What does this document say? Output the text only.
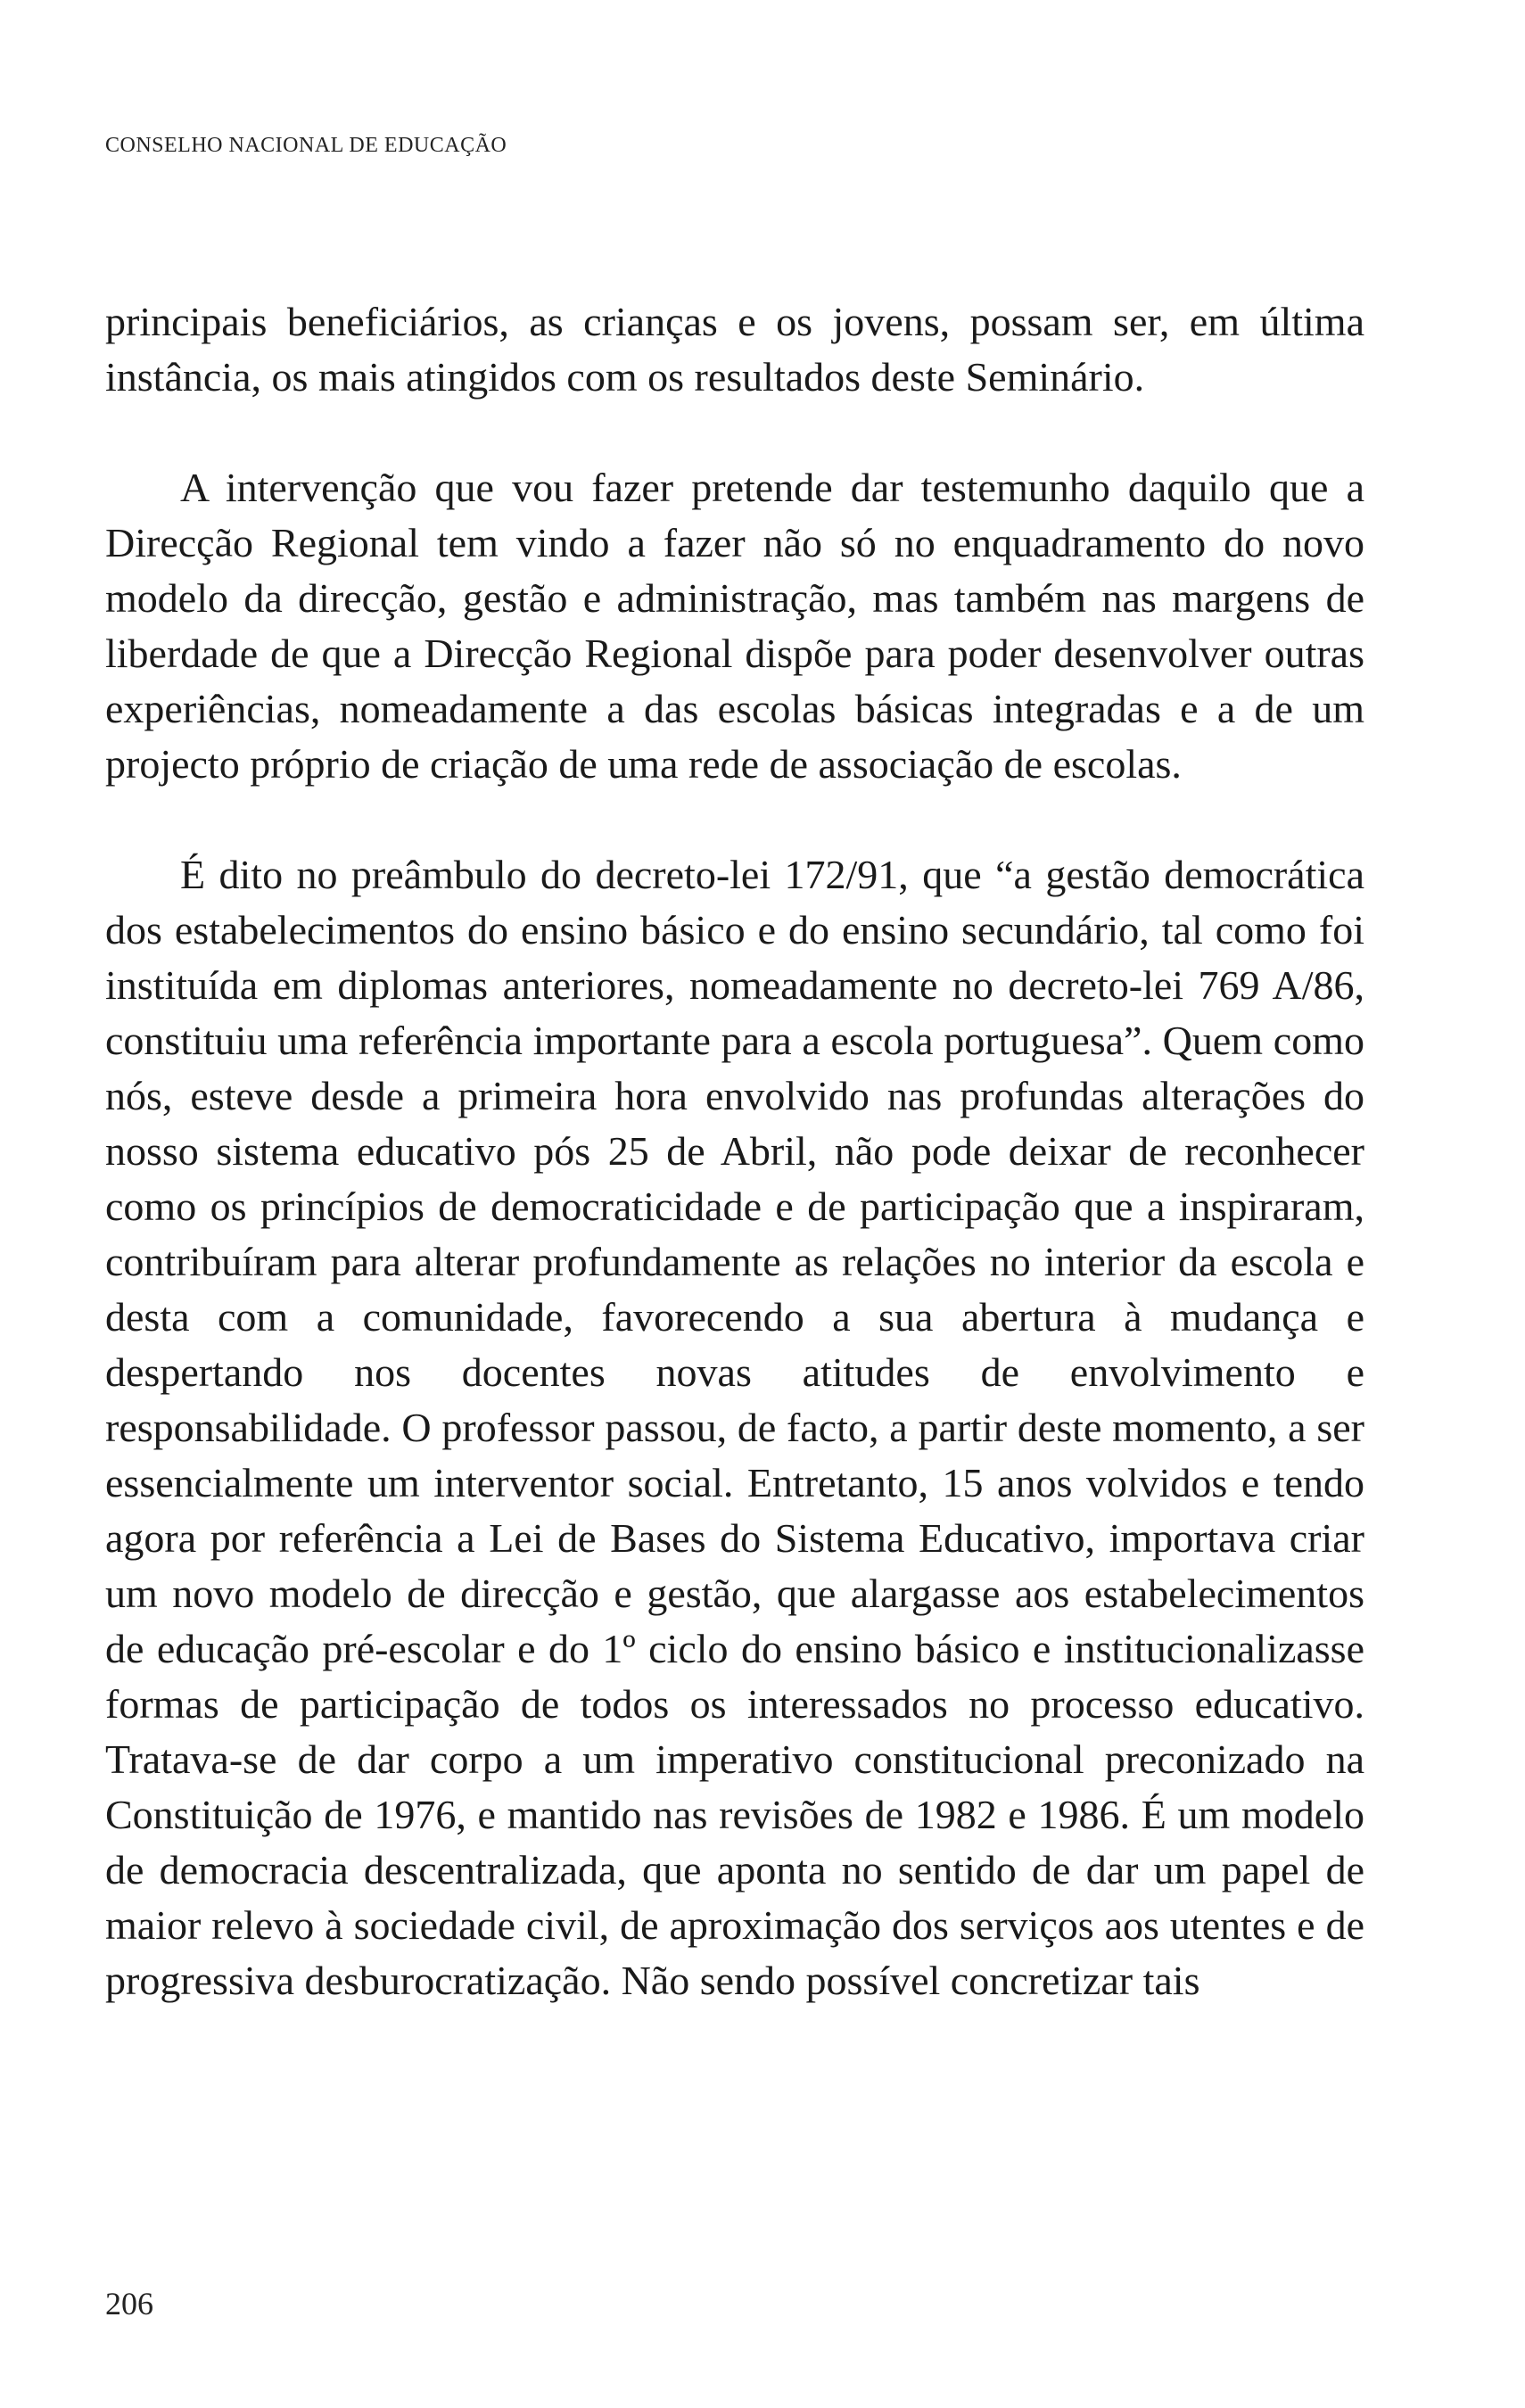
CONSELHO NACIONAL DE EDUCAÇÃO

principais beneficiários, as crianças e os jovens, possam ser, em última instância, os mais atingidos com os resultados deste Seminário.

A intervenção que vou fazer pretende dar testemunho daquilo que a Direcção Regional tem vindo a fazer não só no enquadramento do novo modelo da direcção, gestão e administração, mas também nas margens de liberdade de que a Direcção Regional dispõe para poder desenvolver outras experiências, nomeadamente a das escolas básicas integradas e a de um projecto próprio de criação de uma rede de associação de escolas.

É dito no preâmbulo do decreto-lei 172/91, que “a gestão democrática dos estabelecimentos do ensino básico e do ensino secundário, tal como foi instituída em diplomas anteriores, nomeadamente no decreto-lei 769 A/86, constituiu uma referência importante para a escola portuguesa”. Quem como nós, esteve desde a primeira hora envolvido nas profundas alterações do nosso sistema educativo pós 25 de Abril, não pode deixar de reconhecer como os princípios de democraticidade e de participação que a inspiraram, contribuíram para alterar profundamente as relações no interior da escola e desta com a comunidade, favorecendo a sua abertura à mudança e despertando nos docentes novas atitudes de envolvimento e responsabilidade. O professor passou, de facto, a partir deste momento, a ser essencialmente um interventor social. Entretanto, 15 anos volvidos e tendo agora por referência a Lei de Bases do Sistema Educativo, importava criar um novo modelo de direcção e gestão, que alargasse aos estabelecimentos de educação pré-escolar e do 1º ciclo do ensino básico e institucionalizasse formas de participação de todos os interessados no processo educativo. Tratava-se de dar corpo a um imperativo constitucional preconizado na Constituição de 1976, e mantido nas revisões de 1982 e 1986. É um modelo de democracia descentralizada, que aponta no sentido de dar um papel de maior relevo à sociedade civil, de aproximação dos serviços aos utentes e de progressiva desburocratização. Não sendo possível concretizar tais

206
